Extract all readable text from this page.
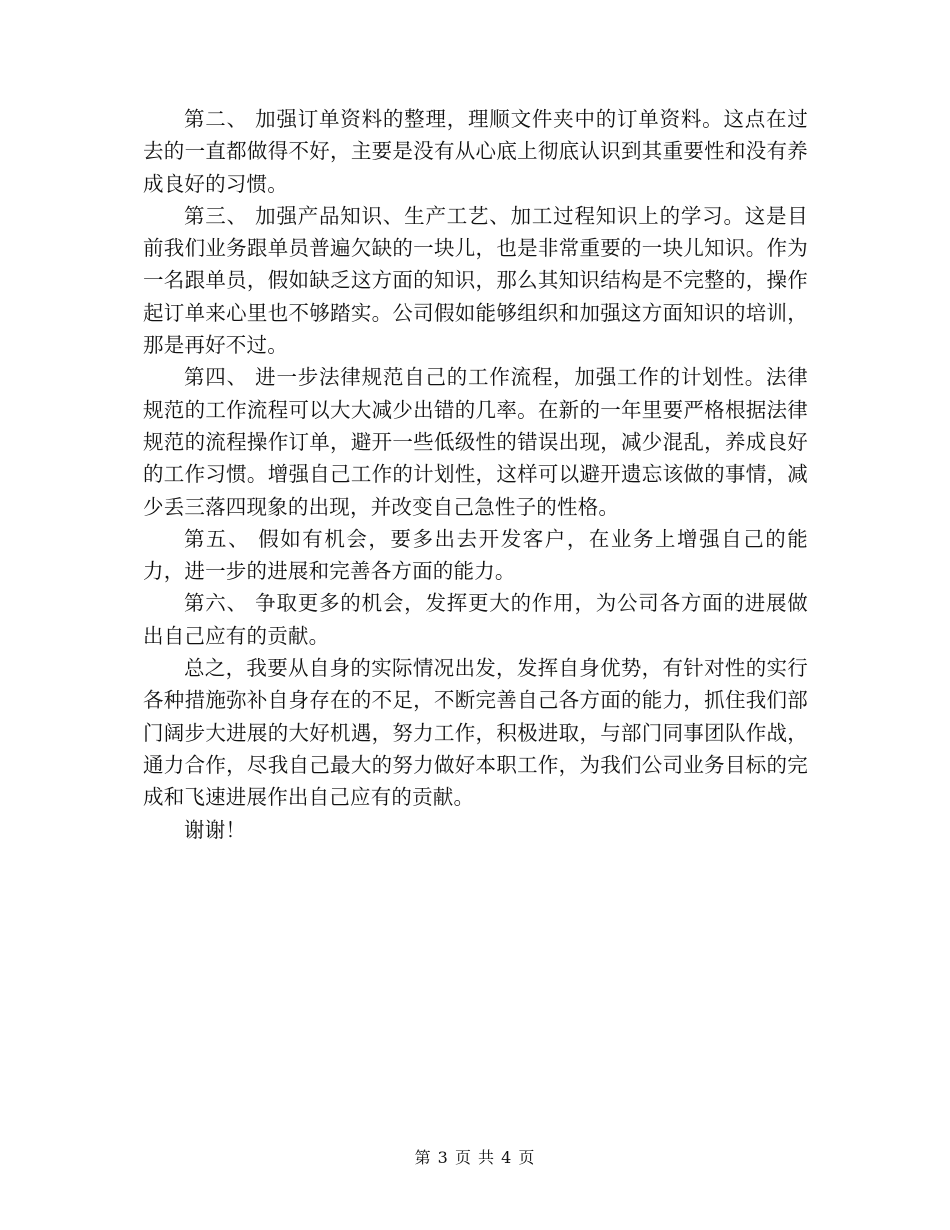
第二、 加强订单资料的整理，理顺文件夹中的订单资料。这点在过去的一直都做得不好，主要是没有从心底上彻底认识到其重要性和没有养成良好的习惯。

第三、 加强产品知识、生产工艺、加工过程知识上的学习。这是目前我们业务跟单员普遍欠缺的一块儿，也是非常重要的一块儿知识。作为一名跟单员，假如缺乏这方面的知识，那么其知识结构是不完整的，操作起订单来心里也不够踏实。公司假如能够组织和加强这方面知识的培训，那是再好不过。

第四、 进一步法律规范自己的工作流程，加强工作的计划性。法律规范的工作流程可以大大减少出错的几率。在新的一年里要严格根据法律规范的流程操作订单，避开一些低级性的错误出现，减少混乱，养成良好的工作习惯。增强自己工作的计划性，这样可以避开遗忘该做的事情，减少丢三落四现象的出现，并改变自己急性子的性格。

第五、 假如有机会，要多出去开发客户，在业务上增强自己的能力，进一步的进展和完善各方面的能力。

第六、 争取更多的机会，发挥更大的作用，为公司各方面的进展做出自己应有的贡献。

总之，我要从自身的实际情况出发，发挥自身优势，有针对性的实行各种措施弥补自身存在的不足，不断完善自己各方面的能力，抓住我们部门阔步大进展的大好机遇，努力工作，积极进取，与部门同事团队作战，通力合作，尽我自己最大的努力做好本职工作，为我们公司业务目标的完成和飞速进展作出自己应有的贡献。

谢谢！

第 3 页 共 4 页
